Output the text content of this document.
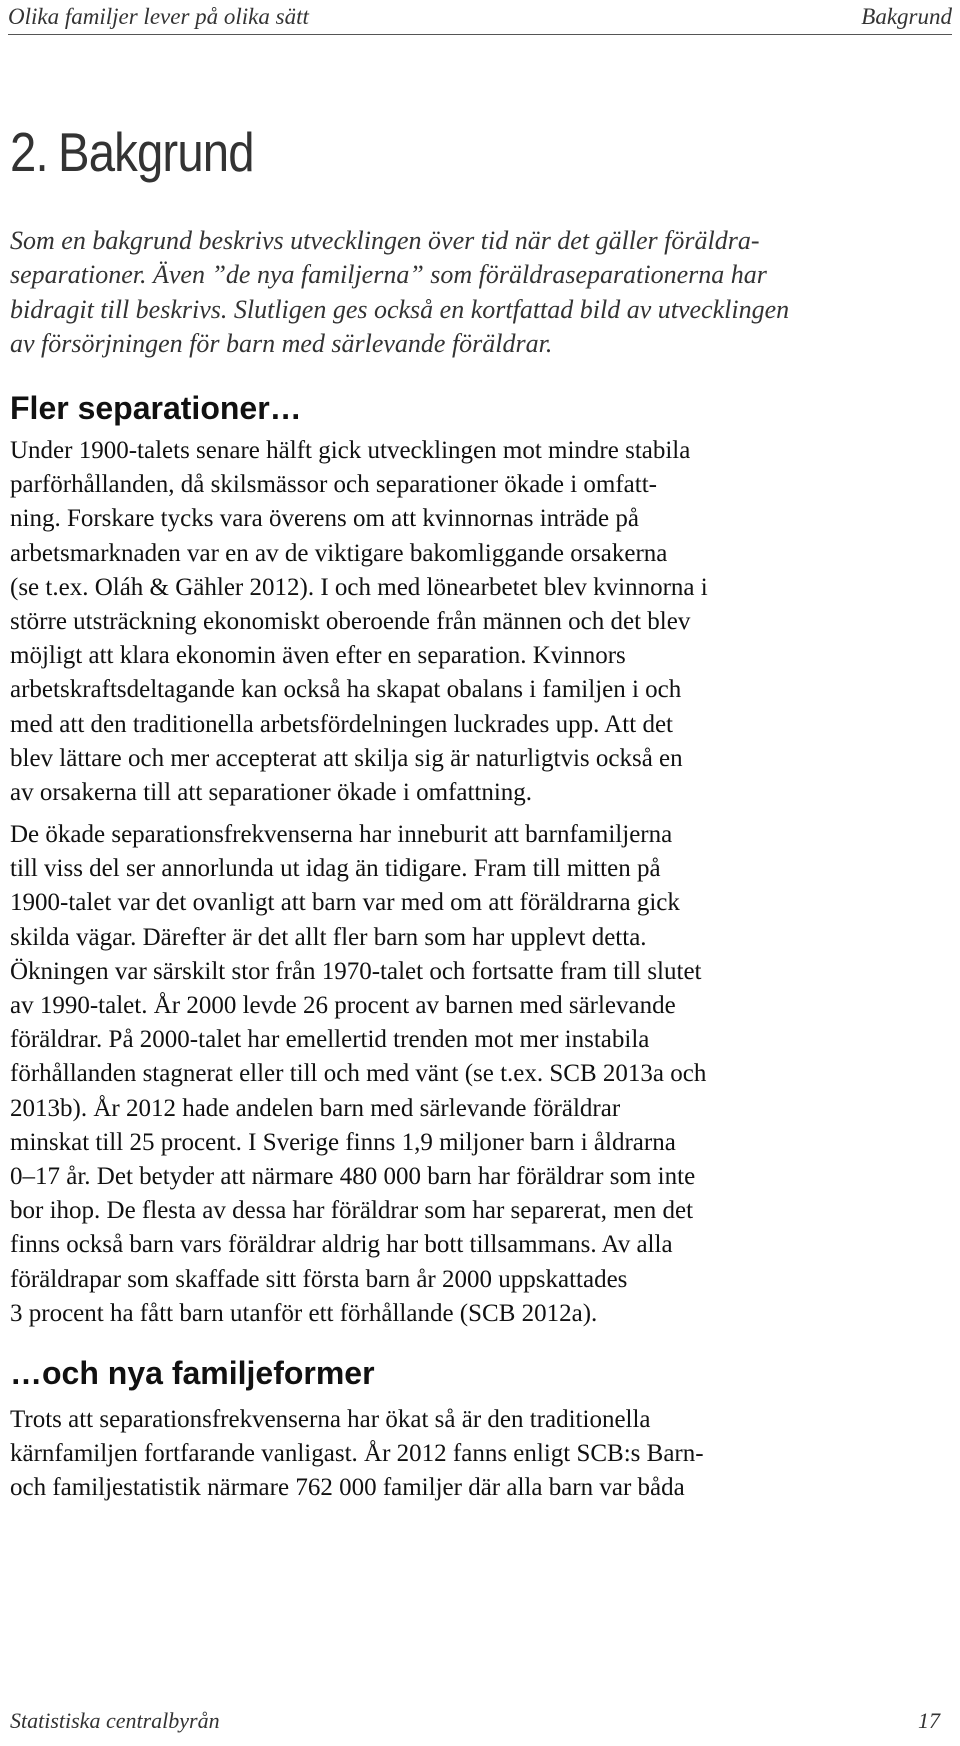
Olika familjer lever på olika sätt	Bakgrund
2. Bakgrund

Som en bakgrund beskrivs utvecklingen över tid när det gäller föräldra-
separationer. Även ”de nya familjerna” som föräldraseparationerna har
bidragit till beskrivs. Slutligen ges också en kortfattad bild av utvecklingen
av försörjningen för barn med särlevande föräldrar.

Fler separationer…

Under 1900-talets senare hälft gick utvecklingen mot mindre stabila
parförhållanden, då skilsmässor och separationer ökade i omfatt-
ning. Forskare tycks vara överens om att kvinnornas inträde på
arbetsmarknaden var en av de viktigare bakomliggande orsakerna
(se t.ex. Oláh & Gähler 2012). I och med lönearbetet blev kvinnorna i
större utsträckning ekonomiskt oberoende från männen och det blev
möjligt att klara ekonomin även efter en separation. Kvinnors
arbetskraftsdeltagande kan också ha skapat obalans i familjen i och
med att den traditionella arbetsfördelningen luckrades upp. Att det
blev lättare och mer accepterat att skilja sig är naturligtvis också en
av orsakerna till att separationer ökade i omfattning.

De ökade separationsfrekvenserna har inneburit att barnfamiljerna
till viss del ser annorlunda ut idag än tidigare. Fram till mitten på
1900-talet var det ovanligt att barn var med om att föräldrarna gick
skilda vägar. Därefter är det allt fler barn som har upplevt detta.
Ökningen var särskilt stor från 1970-talet och fortsatte fram till slutet
av 1990-talet. År 2000 levde 26 procent av barnen med särlevande
föräldrar. På 2000-talet har emellertid trenden mot mer instabila
förhållanden stagnerat eller till och med vänt (se t.ex. SCB 2013a och
2013b). År 2012 hade andelen barn med särlevande föräldrar
minskat till 25 procent. I Sverige finns 1,9 miljoner barn i åldrarna
0–17 år. Det betyder att närmare 480 000 barn har föräldrar som inte
bor ihop. De flesta av dessa har föräldrar som har separerat, men det
finns också barn vars föräldrar aldrig har bott tillsammans. Av alla
föräldrapar som skaffade sitt första barn år 2000 uppskattades
3 procent ha fått barn utanför ett förhållande (SCB 2012a).

…och nya familjeformer

Trots att separationsfrekvenserna har ökat så är den traditionella
kärnfamiljen fortfarande vanligast. År 2012 fanns enligt SCB:s Barn-
och familjestatistik närmare 762 000 familjer där alla barn var båda

Statistiska centralbyrån	17
